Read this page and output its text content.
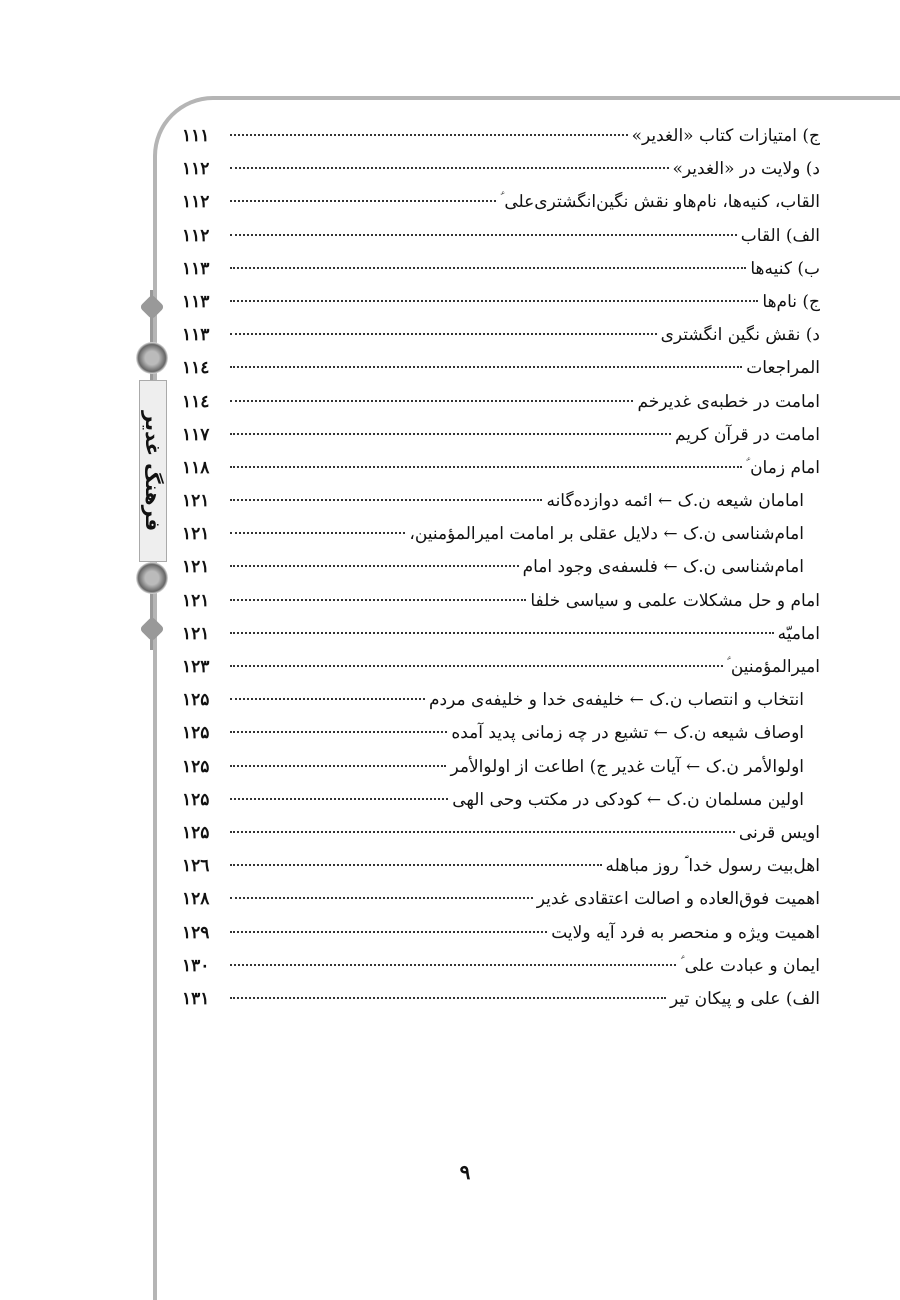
فرهنگ غدیر
ج) امتیازات کتاب «الغدیر»
۱۱۱
د) ولایت در «الغدیر»
۱۱۲
القاب، کنیه‌ها، نام‌هاو نقش نگین‌انگشتری‌علی ؑ
۱۱۲
الف) القاب
۱۱۲
ب) کنیه‌ها
۱۱۳
ج) نام‌ها
۱۱۳
د) نقش نگین انگشتری
۱۱۳
المراجعات
۱۱٤
امامت در خطبه‌ی غدیرخم
۱۱٤
امامت در قرآن کریم
۱۱۷
امام زمان ؑ
۱۱۸
امامان شیعه ن.ک ← ائمه دوازده‌گانه
۱۲۱
امام‌شناسی ن.ک ← دلایل عقلی بر امامت امیرالمؤمنین،
۱۲۱
امام‌شناسی ن.ک ← فلسفه‌ی وجود امام
۱۲۱
امام و حل مشکلات علمی و سیاسی خلفا
۱۲۱
امامیّه
۱۲۱
امیرالمؤمنین ؑ
۱۲۳
انتخاب و انتصاب ن.ک ← خلیفه‌ی خدا و خلیفه‌ی مردم
۱۲۵
اوصاف شیعه ن.ک ← تشیع در چه زمانی پدید آمده
۱۲۵
اولوالأمر ن.ک ← آیات غدیر ج) اطاعت از اولوالأمر
۱۲۵
اولین مسلمان ن.ک ← کودکی در مکتب وحی الهی
۱۲۵
اویس قرنی
۱۲۵
اهل‌بیت رسول خدا ؐ روز مباهله
۱۲٦
اهمیت فوق‌العاده و اصالت اعتقادی غدیر
۱۲۸
اهمیت ویژه و منحصر به فرد آیه ولایت
۱۲۹
ایمان و عبادت علی ؑ
۱۳۰
الف) علی و پیکان تیر
۱۳۱
۹
